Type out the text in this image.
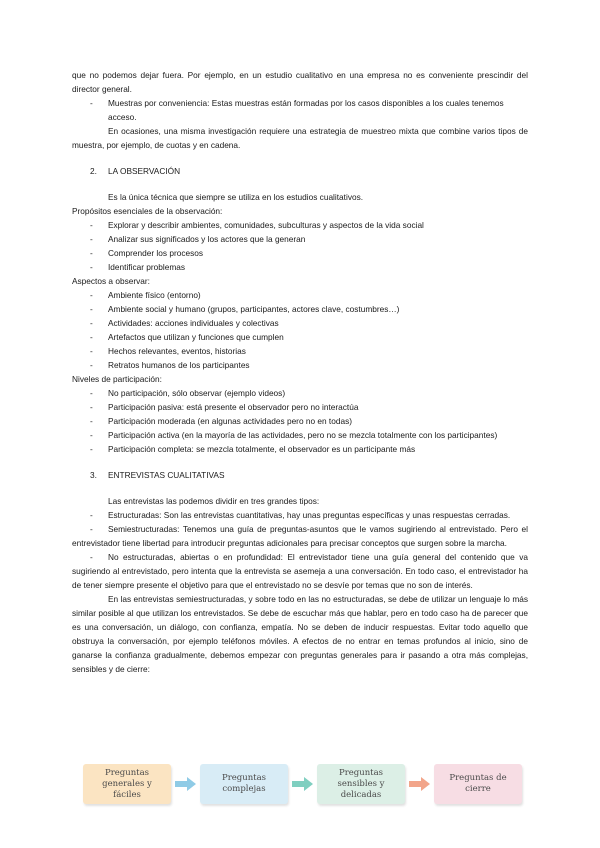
que no podemos dejar fuera. Por ejemplo, en un estudio cualitativo en una empresa no es conveniente prescindir del director general.

- Muestras por conveniencia: Estas muestras están formadas por los casos disponibles a los cuales tenemos acceso.

En ocasiones, una misma investigación requiere una estrategia de muestreo mixta que combine varios tipos de muestra, por ejemplo, de cuotas y en cadena.

2. LA OBSERVACIÓN

Es la única técnica que siempre se utiliza en los estudios cualitativos.

Propósitos esenciales de la observación:

- Explorar y describir ambientes, comunidades, subculturas y aspectos de la vida social

- Analizar sus significados y los actores que la generan

- Comprender los procesos

- Identificar problemas

Aspectos a observar:

- Ambiente físico (entorno)

- Ambiente social y humano (grupos, participantes, actores clave, costumbres…)

- Actividades: acciones individuales y colectivas

- Artefactos que utilizan y funciones que cumplen

- Hechos relevantes, eventos, historias

- Retratos humanos de los participantes

Niveles de participación:

- No participación, sólo observar (ejemplo videos)

- Participación pasiva: está presente el observador pero no interactúa

- Participación moderada (en algunas actividades pero no en todas)

- Participación activa (en la mayoría de las actividades, pero no se mezcla totalmente con los participantes)

- Participación completa: se mezcla totalmente, el observador es un participante más

3. ENTREVISTAS CUALITATIVAS

Las entrevistas las podemos dividir en tres grandes tipos:

- Estructuradas: Son las entrevistas cuantitativas, hay unas preguntas específicas y unas respuestas cerradas.

- Semiestructuradas: Tenemos una guía de preguntas-asuntos que le vamos sugiriendo al entrevistado. Pero el entrevistador tiene libertad para introducir preguntas adicionales para precisar conceptos que surgen sobre la marcha.

- No estructuradas, abiertas o en profundidad: El entrevistador tiene una guía general del contenido que va sugiriendo al entrevistado, pero intenta que la entrevista se asemeja a una conversación. En todo caso, el entrevistador ha de tener siempre presente el objetivo para que el entrevistado no se desvíe por temas que no son de interés.

En las entrevistas semiestructuradas, y sobre todo en las no estructuradas, se debe de utilizar un lenguaje lo más similar posible al que utilizan los entrevistados. Se debe de escuchar más que hablar, pero en todo caso ha de parecer que es una conversación, un diálogo, con confianza, empatía. No se deben de inducir respuestas. Evitar todo aquello que obstruya la conversación, por ejemplo teléfonos móviles. A efectos de no entrar en temas profundos al inicio, sino de ganarse la confianza gradualmente, debemos empezar con preguntas generales para ir pasando a otra más complejas, sensibles y de cierre:

Preguntas generales y fáciles
Preguntas complejas
Preguntas sensibles y delicadas
Preguntas de cierre
